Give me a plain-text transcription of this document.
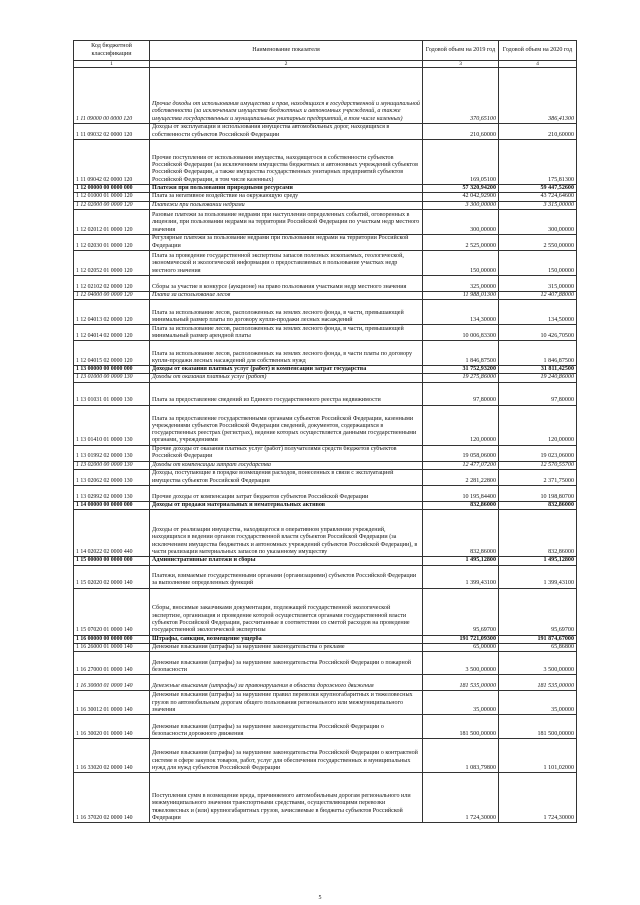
Код бюджетной классификации	Наименование показателя	Годовой объем на 2019 год	Годовой объем на 2020 год
1	2	3	4
1 11 09000 00 0000 120	Прочие доходы от использования имущества и прав, находящихся в государственной и муниципальной собственности (за исключением имущества бюджетных и автономных учреждений, а также имущества государственных и муниципальных унитарных предприятий, в том числе казенных)	370,65100	386,41300
1 11 09032 02 0000 120	Доходы от эксплуатации и использования имущества автомобильных дорог, находящихся в собственности субъектов Российской Федерации	210,60000	210,60000
1 11 09042 02 0000 120	Прочие поступления от использования имущества, находящегося в собственности субъектов Российской Федерации (за исключением имущества бюджетных и автономных учреждений субъектов Российской Федерации, а также имущества государственных унитарных предприятий субъектов Российской Федерации, в том числе казенных)	169,05100	175,81300
1 12 00000 00 0000 000	Платежи при пользовании природными ресурсами	57 320,94200	59 447,52600
1 12 01000 01 0000 120	Плата за негативное воздействие на окружающую среду	42 042,92900	43 724,64600
1 12 02000 00 0000 120	Платежи при пользовании недрами	3 300,00000	3 315,00000
1 12 02012 01 0000 120	Разовые платежи за пользование недрами при наступлении определенных событий, оговоренных в лицензии, при пользовании недрами на территории Российской Федерации по участкам недр местного значения	300,00000	300,00000
1 12 02030 01 0000 120	Регулярные платежи за пользование недрами при пользовании недрами на территории Российской Федерации	2 525,00000	2 550,00000
1 12 02052 01 0000 120	Плата за проведение государственной экспертизы запасов полезных ископаемых, геологической, экономической и экологической информации о предоставляемых в пользование участках недр местного значения	150,00000	150,00000
1 12 02102 02 0000 120	Сборы за участие в конкурсе (аукционе) на право пользования участками недр местного значения	325,00000	315,00000
1 12 04000 00 0000 120	Плата за использование лесов	11 988,01300	12 407,88000
1 12 04013 02 0000 120	Плата за использование лесов, расположенных на землях лесного фонда, в части, превышающей минимальный размер платы по договору купли-продажи лесных насаждений	134,30000	134,50000
1 12 04014 02 0000 120	Плата за использование лесов, расположенных на землях лесного фонда, в части, превышающей минимальный размер арендной платы	10 006,83300	10 426,70500
1 12 04015 02 0000 120	Плата за использование лесов, расположенных на землях лесного фонда, в части платы по договору купли-продажи лесных насаждений для собственных нужд	1 846,87500	1 846,87500
1 13 00000 00 0000 000	Доходы от оказания платных услуг (работ) и компенсации затрат государства	31 752,93200	31 811,42500
1 13 01000 00 0000 130	Доходы от оказания платных услуг (работ)	19 275,86000	19 240,86000
1 13 01031 01 0000 130	Плата за предоставление сведений из Единого государственного реестра недвижимости	97,80000	97,80000
1 13 01410 01 0000 130	Плата за предоставление государственными органами субъектов Российской Федерации, казенными учреждениями субъектов Российской Федерации сведений, документов, содержащихся в государственных реестрах (регистрах), ведение которых осуществляется данными государственными органами, учреждениями	120,00000	120,00000
1 13 01992 02 0000 130	Прочие доходы от оказания платных услуг (работ) получателями средств бюджетов субъектов Российской Федерации	19 058,06000	19 023,06000
1 13 02000 00 0000 130	Доходы от компенсации затрат государства	12 477,07200	12 570,55700
1 13 02062 02 0000 130	Доходы, поступающие в порядке возмещения расходов, понесенных в связи с эксплуатацией имущества субъектов Российской Федерации	2 281,22800	2 371,75000
1 13 02992 02 0000 130	Прочие доходы от компенсации затрат бюджетов субъектов Российской Федерации	10 195,84400	10 198,80700
1 14 00000 00 0000 000	Доходы от продажи материальных и нематериальных активов	832,86000	832,86000
1 14 02022 02 0000 440	Доходы от реализации имущества, находящегося в оперативном управлении учреждений, находящихся в ведении органов государственной власти субъектов Российской Федерации (за исключением имущества бюджетных и автономных учреждений субъектов Российской Федерации), в части реализации материальных запасов по указанному имуществу	832,86000	832,86000
1 15 00000 00 0000 000	Административные платежи и сборы	1 495,12800	1 495,12800
1 15 02020 02 0000 140	Платежи, взимаемые государственными органами (организациями) субъектов Российской Федерации за выполнение определенных функций	1 399,43100	1 399,43100
1 15 07020 01 0000 140	Сборы, вносимые заказчиками документации, подлежащей государственной экологической экспертизе, организация и проведение которой осуществляется органами государственной власти субъектов Российской Федерации, рассчитанные в соответствии со сметой расходов на проведение государственной экологической экспертизы	95,69700	95,69700
1 16 00000 00 0000 000	Штрафы, санкции, возмещение ущерба	191 721,09300	191 874,67000
1 16 26000 01 0000 140	Денежные взыскания (штрафы) за нарушение законодательства о рекламе	65,00000	65,86800
1 16 27000 01 0000 140	Денежные взыскания (штрафы) за нарушение законодательства Российской Федерации о пожарной безопасности	3 500,00000	3 500,00000
1 16 30000 01 0000 140	Денежные взыскания (штрафы) за правонарушения в области дорожного движения	181 535,00000	181 535,00000
1 16 30012 01 0000 140	Денежные взыскания (штрафы) за нарушение правил перевозки крупногабаритных и тяжеловесных грузов по автомобильным дорогам общего пользования регионального или межмуниципального значения	35,00000	35,00000
1 16 30020 01 0000 140	Денежные взыскания (штрафы) за нарушение законодательства Российской Федерации о безопасности дорожного движения	181 500,00000	181 500,00000
1 16 33020 02 0000 140	Денежные взыскания (штрафы) за нарушение законодательства Российской Федерации о контрактной системе в сфере закупок товаров, работ, услуг для обеспечения государственных и муниципальных нужд для нужд субъектов Российской Федерации	1 083,79800	1 101,02000
1 16 37020 02 0000 140	Поступления сумм в возмещение вреда, причиняемого автомобильным дорогам регионального или межмуниципального значения транспортными средствами, осуществляющими перевозки тяжеловесных и (или) крупногабаритных грузов, зачисляемые в бюджеты субъектов Российской Федерации	1 724,30000	1 724,30000
5
